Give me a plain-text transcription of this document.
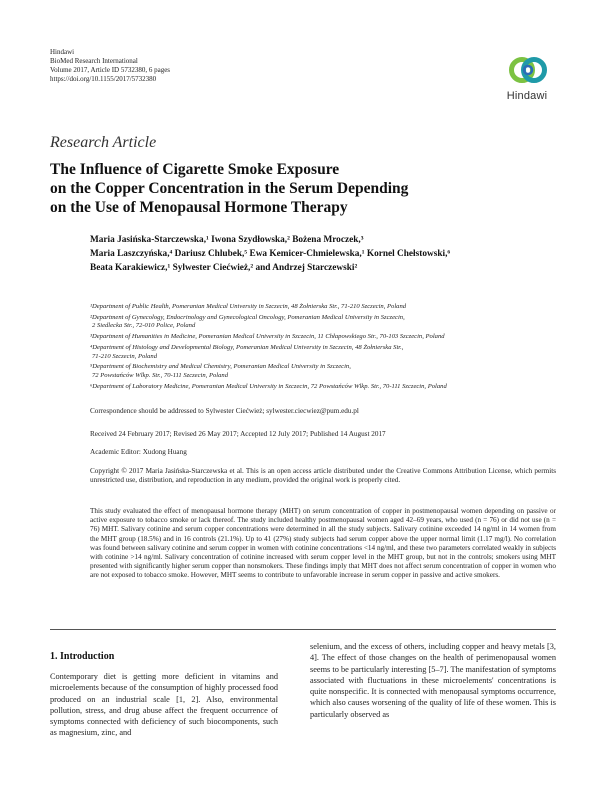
Hindawi
BioMed Research International
Volume 2017, Article ID 5732380, 6 pages
https://doi.org/10.1155/2017/5732380
Hindawi
Research Article
The Influence of Cigarette Smoke Exposure
on the Copper Concentration in the Serum Depending
on the Use of Menopausal Hormone Therapy
Maria Jasińska-Starczewska,¹ Iwona Szydłowska,² Bożena Mroczek,³
Maria Laszczyńska,⁴ Dariusz Chlubek,⁵ Ewa Kemicer-Chmielewska,¹ Kornel Chełstowski,⁶
Beata Karakiewicz,¹ Sylwester Ciećwież,² and Andrzej Starczewski²
¹Department of Public Health, Pomeranian Medical University in Szczecin, 48 Żołnierska Str., 71-210 Szczecin, Poland
²Department of Gynecology, Endocrinology and Gynecological Oncology, Pomeranian Medical University in Szczecin,
2 Siedlecka Str., 72-010 Police, Poland
³Department of Humanities in Medicine, Pomeranian Medical University in Szczecin, 11 Chłapowskiego Str., 70-103 Szczecin, Poland
⁴Department of Histology and Developmental Biology, Pomeranian Medical University in Szczecin, 48 Żołnierska Str.,
71-210 Szczecin, Poland
⁵Department of Biochemistry and Medical Chemistry, Pomeranian Medical University in Szczecin,
72 Powstańców Wlkp. Str., 70-111 Szczecin, Poland
⁶Department of Laboratory Medicine, Pomeranian Medical University in Szczecin, 72 Powstańców Wlkp. Str., 70-111 Szczecin, Poland
Correspondence should be addressed to Sylwester Ciećwież; sylwester.ciecwiez@pum.edu.pl
Received 24 February 2017; Revised 26 May 2017; Accepted 12 July 2017; Published 14 August 2017
Academic Editor: Xudong Huang
Copyright © 2017 Maria Jasińska-Starczewska et al. This is an open access article distributed under the Creative Commons Attribution License, which permits unrestricted use, distribution, and reproduction in any medium, provided the original work is properly cited.
This study evaluated the effect of menopausal hormone therapy (MHT) on serum concentration of copper in postmenopausal women depending on passive or active exposure to tobacco smoke or lack thereof. The study included healthy postmenopausal women aged 42–69 years, who used (n = 76) or did not use (n = 76) MHT. Salivary cotinine and serum copper concentrations were determined in all the study subjects. Salivary cotinine exceeded 14 ng/ml in 14 women from the MHT group (18.5%) and in 16 controls (21.1%). Up to 41 (27%) study subjects had serum copper above the upper normal limit (1.17 mg/l). No correlation was found between salivary cotinine and serum copper in women with cotinine concentrations <14 ng/ml, and these two parameters correlated weakly in subjects with cotinine >14 ng/ml. Salivary concentration of cotinine increased with serum copper level in the MHT group, but not in the controls; smokers using MHT presented with significantly higher serum copper than nonsmokers. These findings imply that MHT does not affect serum concentration of copper in women who are not exposed to tobacco smoke. However, MHT seems to contribute to unfavorable increase in serum copper in passive and active smokers.
1. Introduction
Contemporary diet is getting more deficient in vitamins and microelements because of the consumption of highly processed food produced on an industrial scale [1, 2]. Also, environmental pollution, stress, and drug abuse affect the frequent occurrence of symptoms connected with deficiency of such biocomponents, such as magnesium, zinc, and
selenium, and the excess of others, including copper and heavy metals [3, 4]. The effect of those changes on the health of perimenopausal women seems to be particularly interesting [5–7]. The manifestation of symptoms associated with fluctuations in these microelements' concentrations is quite nonspecific. It is connected with menopausal symptoms occurrence, which also causes worsening of the quality of life of these women. This is particularly observed as
